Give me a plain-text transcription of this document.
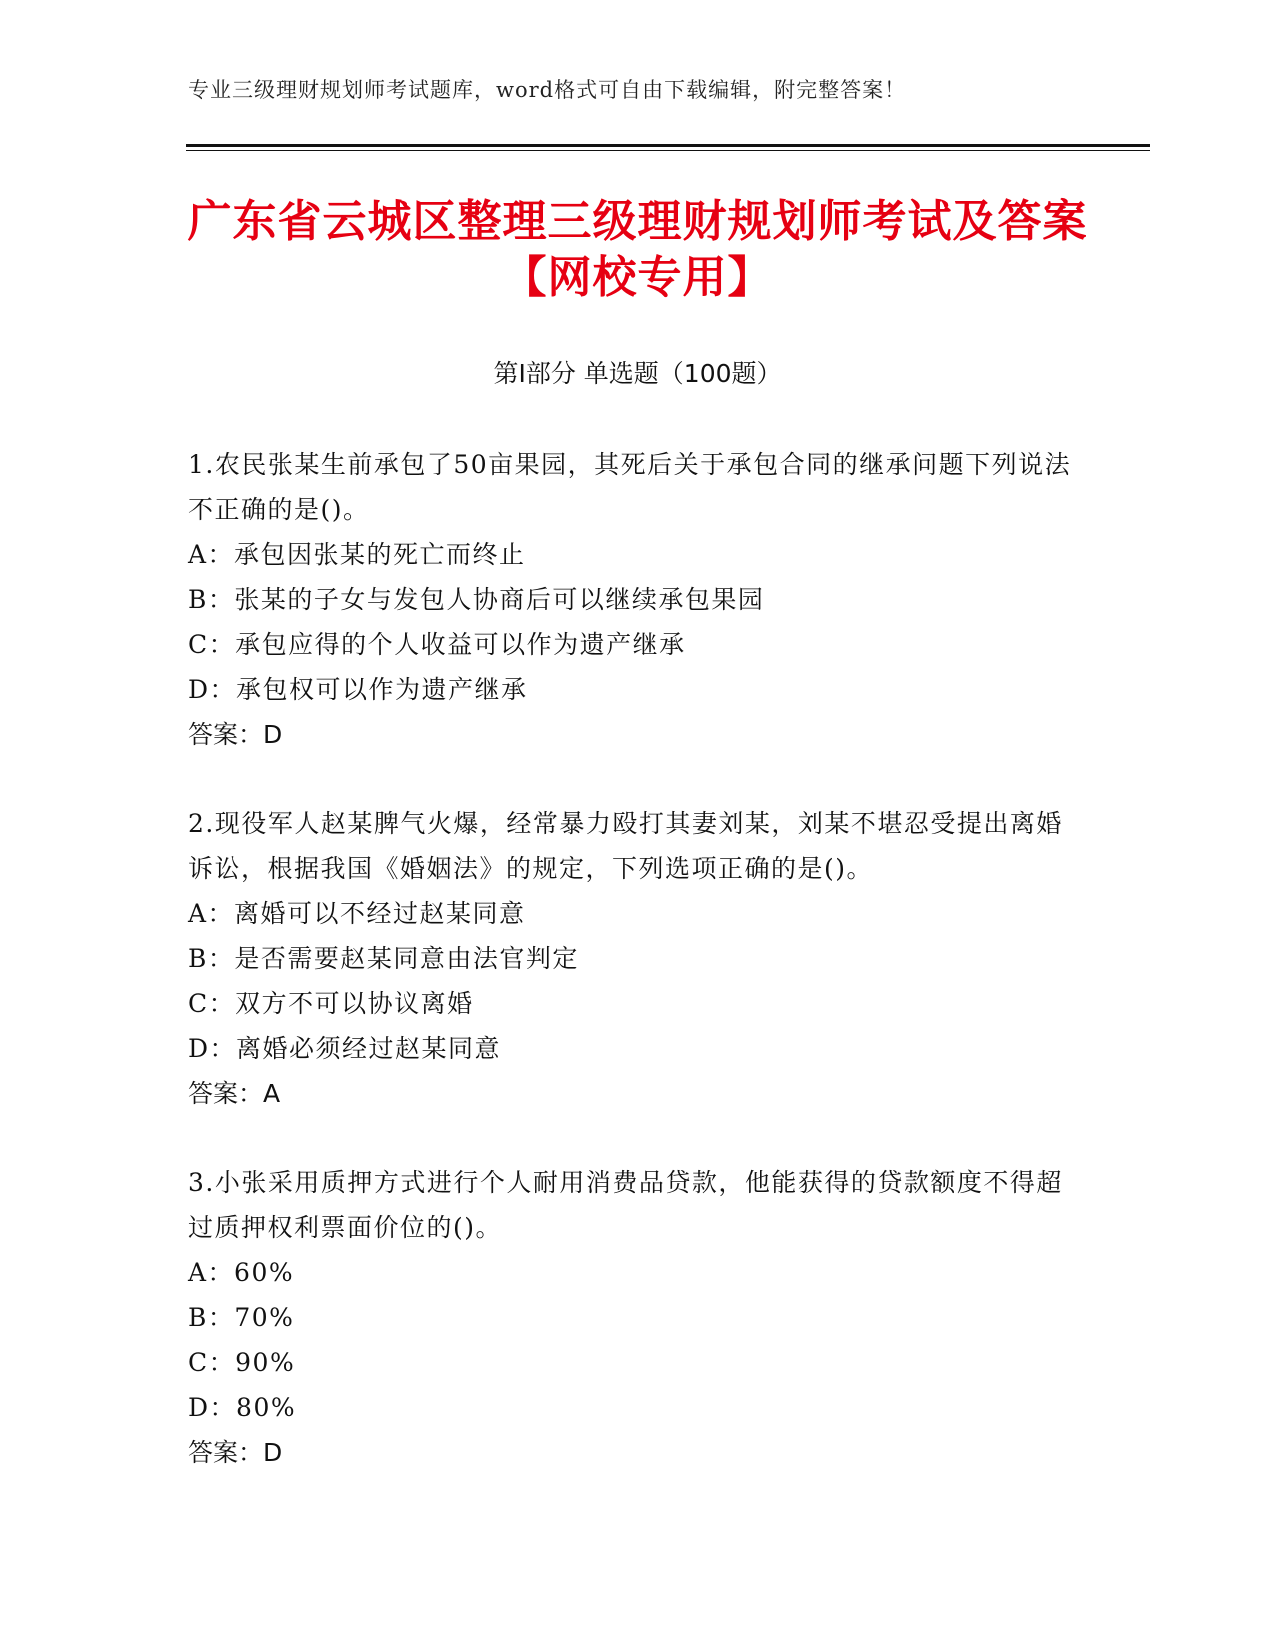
专业三级理财规划师考试题库，word格式可自由下载编辑，附完整答案！
广东省云城区整理三级理财规划师考试及答案【网校专用】
第Ⅰ部分 单选题（100题）

1.农民张某生前承包了50亩果园，其死后关于承包合同的继承问题下列说法不正确的是()。

A：承包因张某的死亡而终止

B：张某的子女与发包人协商后可以继续承包果园

C：承包应得的个人收益可以作为遗产继承

D：承包权可以作为遗产继承

答案：D

2.现役军人赵某脾气火爆，经常暴力殴打其妻刘某，刘某不堪忍受提出离婚诉讼，根据我国《婚姻法》的规定，下列选项正确的是()。

A：离婚可以不经过赵某同意

B：是否需要赵某同意由法官判定

C：双方不可以协议离婚

D：离婚必须经过赵某同意

答案：A

3.小张采用质押方式进行个人耐用消费品贷款，他能获得的贷款额度不得超过质押权利票面价位的()。

A：60%

B：70%

C：90%

D：80%

答案：D
